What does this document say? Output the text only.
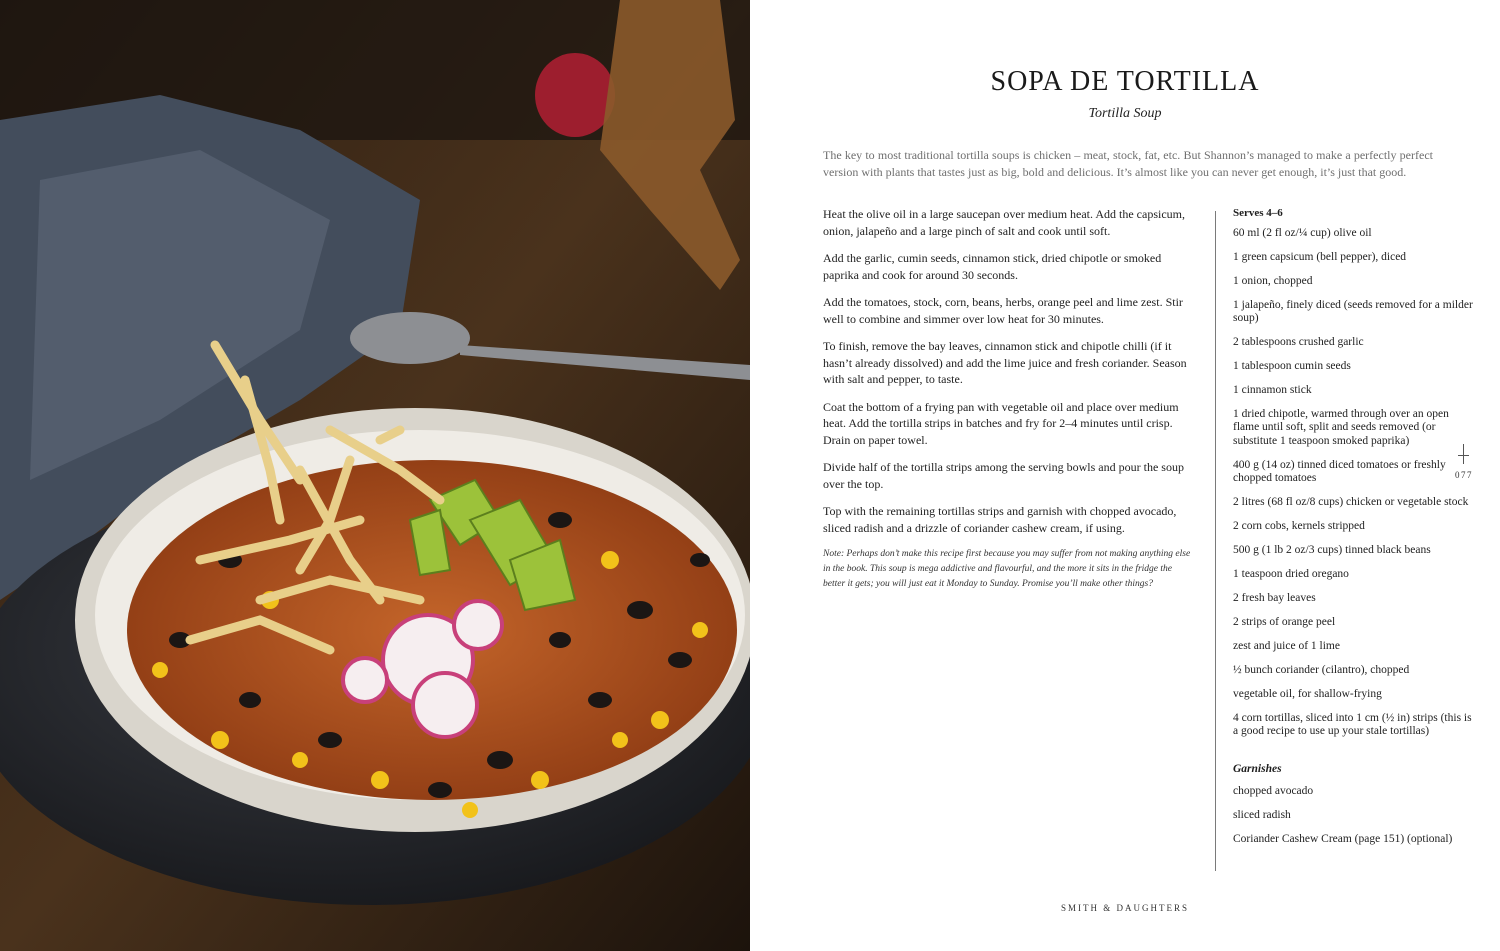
SOPA DE TORTILLA
Tortilla Soup
The key to most traditional tortilla soups is chicken – meat, stock, fat, etc. But Shannon’s managed to make a perfectly perfect version with plants that tastes just as big, bold and delicious. It’s almost like you can never get enough, it’s just that good.

Heat the olive oil in a large saucepan over medium heat. Add the capsicum, onion, jalapeño and a large pinch of salt and cook until soft.

Add the garlic, cumin seeds, cinnamon stick, dried chipotle or smoked paprika and cook for around 30 seconds.

Add the tomatoes, stock, corn, beans, herbs, orange peel and lime zest. Stir well to combine and simmer over low heat for 30 minutes.

To finish, remove the bay leaves, cinnamon stick and chipotle chilli (if it hasn’t already dissolved) and add the lime juice and fresh coriander. Season with salt and pepper, to taste.

Coat the bottom of a frying pan with vegetable oil and place over medium heat. Add the tortilla strips in batches and fry for 2–4 minutes until crisp. Drain on paper towel.

Divide half of the tortilla strips among the serving bowls and pour the soup over the top.

Top with the remaining tortillas strips and garnish with chopped avocado, sliced radish and a drizzle of coriander cashew cream, if using.

Note: Perhaps don’t make this recipe first because you may suffer from not making anything else in the book. This soup is mega addictive and flavourful, and the more it sits in the fridge the better it gets; you will just eat it Monday to Sunday. Promise you’ll make other things?

Serves 4–6
60 ml (2 fl oz/¼ cup) olive oil
1 green capsicum (bell pepper), diced
1 onion, chopped
1 jalapeño, finely diced (seeds removed for a milder soup)
2 tablespoons crushed garlic
1 tablespoon cumin seeds
1 cinnamon stick
1 dried chipotle, warmed through over an open flame until soft, split and seeds removed (or substitute 1 teaspoon smoked paprika)
400 g (14 oz) tinned diced tomatoes or freshly chopped tomatoes
2 litres (68 fl oz/8 cups) chicken or vegetable stock
2 corn cobs, kernels stripped
500 g (1 lb 2 oz/3 cups) tinned black beans
1 teaspoon dried oregano
2 fresh bay leaves
2 strips of orange peel
zest and juice of 1 lime
½ bunch coriander (cilantro), chopped
vegetable oil, for shallow-frying
4 corn tortillas, sliced into 1 cm (½ in) strips (this is a good recipe to use up your stale tortillas)
Garnishes
chopped avocado
sliced radish
Coriander Cashew Cream (page 151) (optional)
077
SMITH & DAUGHTERS
